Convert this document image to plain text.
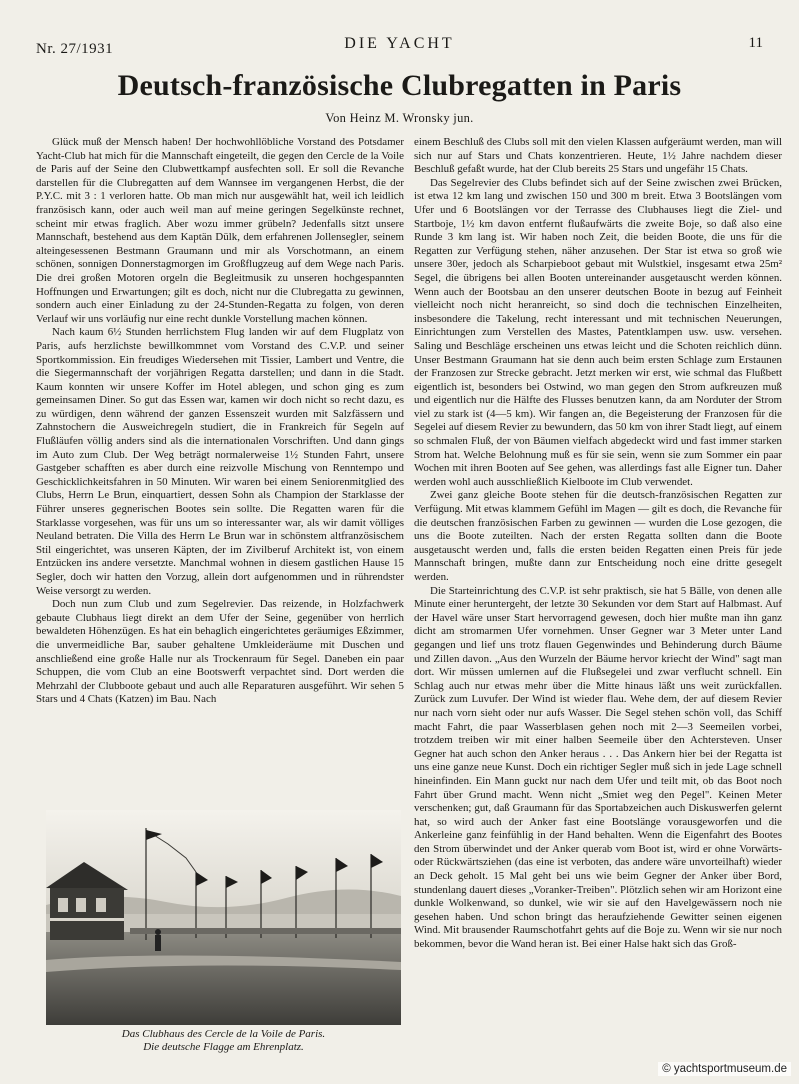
Nr. 27/1931	DIE YACHT	11
Deutsch-französische Clubregatten in Paris
Von Heinz M. Wronsky jun.

Glück muß der Mensch haben! Der hochwohllöbliche Vorstand des Potsdamer Yacht-Club hat mich für die Mannschaft eingeteilt, die gegen den Cercle de la Voile de Paris auf der Seine den Clubwettkampf ausfechten soll. Er soll die Revanche darstellen für die Clubregatten auf dem Wannsee im vergangenen Herbst, die der P.Y.C. mit 3 : 1 verloren hatte. Ob man mich nur ausgewählt hat, weil ich leidlich französisch kann, oder auch weil man auf meine geringen Segelkünste rechnet, scheint mir etwas fraglich. Aber wozu immer grübeln? Jedenfalls sitzt unsere Mannschaft, bestehend aus dem Kaptän Dülk, dem erfahrenen Jollensegler, seinem alteingesessenen Bestmann Graumann und mir als Vorschotmann, an einem schönen, sonnigen Donnerstagmorgen im Großflugzeug auf dem Wege nach Paris. Die drei großen Motoren orgeln die Begleitmusik zu unseren hochgespannten Hoffnungen und Erwartungen; gilt es doch, nicht nur die Clubregatta zu gewinnen, sondern auch einer Einladung zu der 24-Stunden-Regatta zu folgen, von deren Verlauf wir uns vorläufig nur eine recht dunkle Vorstellung machen können.

Nach kaum 6½ Stunden herrlichstem Flug landen wir auf dem Flugplatz von Paris, aufs herzlichste bewillkommnet vom Vorstand des C.V.P. und seiner Sportkommission. Ein freudiges Wiedersehen mit Tissier, Lambert und Ventre, die die Siegermannschaft der vorjährigen Regatta darstellen; und dann in die Stadt. Kaum konnten wir unsere Koffer im Hotel ablegen, und schon ging es zum gemeinsamen Diner. So gut das Essen war, kamen wir doch nicht so recht dazu, es zu würdigen, denn während der ganzen Essenszeit wurden mit Salzfässern und Zahnstochern die Ausweichregeln studiert, die in Frankreich für Segeln auf Flußläufen völlig anders sind als die internationalen Vorschriften. Und dann gings im Auto zum Club. Der Weg beträgt normalerweise 1½ Stunden Fahrt, unsere Gastgeber schafften es aber durch eine reizvolle Mischung von Renntempo und Geschicklichkeitsfahren in 50 Minuten. Wir waren bei einem Seniorenmitglied des Clubs, Herrn Le Brun, einquartiert, dessen Sohn als Champion der Starklasse der Führer unseres gegnerischen Bootes sein sollte. Die Regatten waren für die Starklasse vorgesehen, was für uns um so interessanter war, als wir damit völliges Neuland betraten. Die Villa des Herrn Le Brun war in schönstem altfranzösischem Stil eingerichtet, was unseren Käpten, der im Zivilberuf Architekt ist, von einem Entzücken ins andere versetzte. Manchmal wohnen in diesem gastlichen Hause 15 Segler, doch wir hatten den Vorzug, allein dort aufgenommen und in rührendster Weise versorgt zu werden.

Doch nun zum Club und zum Segelrevier. Das reizende, in Holzfachwerk gebaute Clubhaus liegt direkt an dem Ufer der Seine, gegenüber von herrlich bewaldeten Höhenzügen. Es hat ein behaglich eingerichtetes geräumiges Eßzimmer, die unvermeidliche Bar, sauber gehaltene Umkleideräume mit Duschen und anschließend eine große Halle nur als Trockenraum für Segel. Daneben ein paar Schuppen, die vom Club an eine Bootswerft verpachtet sind. Dort werden die Mehrzahl der Clubboote gebaut und auch alle Reparaturen ausgeführt. Wir sehen 5 Stars und 4 Chats (Katzen) im Bau. Nach

Das Clubhaus des Cercle de la Voile de Paris.
Die deutsche Flagge am Ehrenplatz.

einem Beschluß des Clubs soll mit den vielen Klassen aufgeräumt werden, man will sich nur auf Stars und Chats konzentrieren. Heute, 1½ Jahre nachdem dieser Beschluß gefaßt wurde, hat der Club bereits 25 Stars und ungefähr 15 Chats.

Das Segelrevier des Clubs befindet sich auf der Seine zwischen zwei Brücken, ist etwa 12 km lang und zwischen 150 und 300 m breit. Etwa 3 Bootslängen vom Ufer und 6 Bootslängen vor der Terrasse des Clubhauses liegt die Ziel- und Startboje, 1½ km davon entfernt flußaufwärts die zweite Boje, so daß also eine Runde 3 km lang ist. Wir haben noch Zeit, die beiden Boote, die uns für die Regatten zur Verfügung stehen, näher anzusehen. Der Star ist etwa so groß wie unsere 30er, jedoch als Scharpieboot gebaut mit Wulstkiel, insgesamt etwa 25m² Segel, die übrigens bei allen Booten untereinander ausgetauscht werden können. Wenn auch der Bootsbau an den unserer deutschen Boote in bezug auf Feinheit vielleicht noch nicht heranreicht, so sind doch die technischen Einzelheiten, insbesondere die Takelung, recht interessant und mit technischen Neuerungen, Einrichtungen zum Verstellen des Mastes, Patentklampen usw. usw. versehen. Saling und Beschläge erscheinen uns etwas leicht und die Schoten reichlich dünn. Unser Bestmann Graumann hat sie denn auch beim ersten Schlage zum Erstaunen der Franzosen zur Strecke gebracht. Jetzt merken wir erst, wie schmal das Flußbett eigentlich ist, besonders bei Ostwind, wo man gegen den Strom aufkreuzen muß und eigentlich nur die Hälfte des Flusses benutzen kann, da am Norduter der Strom viel zu stark ist (4—5 km). Wir fangen an, die Begeisterung der Franzosen für die Segelei auf diesem Revier zu bewundern, das 50 km von ihrer Stadt liegt, auf einem so schmalen Fluß, der von Bäumen vielfach abgedeckt wird und fast immer starken Strom hat. Welche Belohnung muß es für sie sein, wenn sie zum Sommer ein paar Wochen mit ihren Booten auf See gehen, was allerdings fast alle Eigner tun. Daher werden wohl auch ausschließlich Kielboote im Club verwendet.

Zwei ganz gleiche Boote stehen für die deutsch-französischen Regatten zur Verfügung. Mit etwas klammem Gefühl im Magen — gilt es doch, die Revanche für die deutschen französischen Farben zu gewinnen — wurden die Lose gezogen, die uns die Boote zuteilten. Nach der ersten Regatta sollten dann die Boote ausgetauscht werden und, falls die ersten beiden Regatten einen Preis für jede Mannschaft bringen, mußte dann zur Entscheidung noch eine dritte gesegelt werden.

Die Starteinrichtung des C.V.P. ist sehr praktisch, sie hat 5 Bälle, von denen alle Minute einer heruntergeht, der letzte 30 Sekunden vor dem Start auf Halbmast. Auf der Havel wäre unser Start hervorragend gewesen, doch hier mußte man ihn ganz dicht am stromarmen Ufer vornehmen. Unser Gegner war 3 Meter unter Land gegangen und lief uns trotz flauen Gegenwindes und Behinderung durch Bäume und Zillen davon. „Aus den Wurzeln der Bäume hervor kriecht der Wind" sagt man dort. Wir müssen umlernen auf die Flußsegelei und zwar verflucht schnell. Ein Schlag auch nur etwas mehr über die Mitte hinaus läßt uns weit zurückfallen. Zurück zum Luvufer. Der Wind ist wieder flau. Wehe dem, der auf diesem Revier nur nach vorn sieht oder nur aufs Wasser. Die Segel stehen schön voll, das Schiff macht Fahrt, die paar Wasserblasen gehen noch mit 2—3 Seemeilen vorbei, trotzdem treiben wir mit einer halben Seemeile über den Achtersteven. Unser Gegner hat auch schon den Anker heraus . . . Das Ankern hier bei der Regatta ist uns eine ganze neue Kunst. Doch ein richtiger Segler muß sich in jede Lage schnell hineinfinden. Ein Mann guckt nur nach dem Ufer und teilt mit, ob das Boot noch Fahrt über Grund macht. Wenn nicht „Smiet weg den Pegel". Keinen Meter verschenken; gut, daß Graumann für das Sportabzeichen auch Diskuswerfen gelernt hat, so wird auch der Anker fast eine Bootslänge vorausgeworfen und die Ankerleine ganz feinfühlig in der Hand behalten. Wenn die Eigenfahrt des Bootes den Strom überwindet und der Anker querab vom Boot ist, wird er ohne Vorwärts- oder Rückwärtsziehen (das eine ist verboten, das andere wäre unvorteilhaft) wieder an Deck geholt. 15 Mal geht bei uns wie beim Gegner der Anker über Bord, stundenlang dauert dieses „Voranker-Treiben". Plötzlich sehen wir am Horizont eine dunkle Wolkenwand, so dunkel, wie wir sie auf den Havelgewässern noch nie gesehen haben. Und schon bringt das heraufziehende Gewitter seinen eigenen Wind. Mit brausender Raumschotfahrt gehts auf die Boje zu. Wenn wir sie nur noch bekommen, bevor die Wand heran ist. Bei einer Halse hakt sich das Groß-

© yachtsportmuseum.de
